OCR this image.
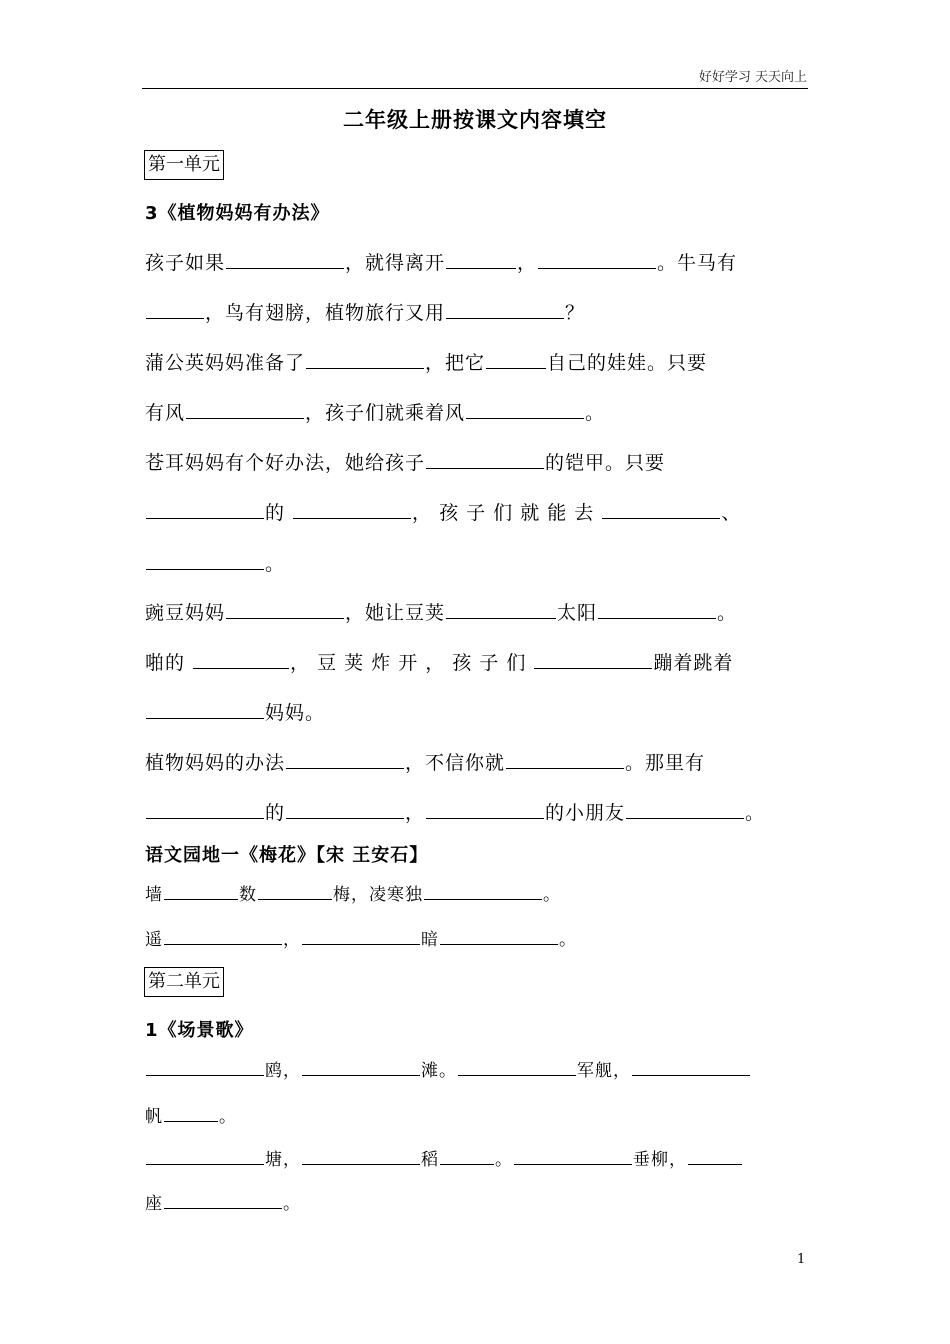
好好学习 天天向上
二年级上册按课文内容填空
第一单元
3《植物妈妈有办法》
孩子如果	，就得离开	，	。牛马有
，鸟有翅膀，植物旅行又用	？
蒲公英妈妈准备了	，把它	自己的娃娃。只要
有风	，孩子们就乘着风	。
苍耳妈妈有个好办法，她给孩子	的铠甲。只要
的	， 孩 子 们 就 能 去	、
。
豌豆妈妈	，她让豆荚	太阳	。
啪的	， 豆 荚 炸 开 ， 孩 子 们	蹦着跳着
妈妈。
植物妈妈的办法	，不信你就	。那里有
的	，	的小朋友	。
语文园地一《梅花》【宋 王安石】
墙	数	梅，凌寒独	。
遥	，	暗	。
第二单元
1《场景歌》
鸥，	滩。	军舰，
帆	。
塘，	稻	。	垂柳，
座	。
1
